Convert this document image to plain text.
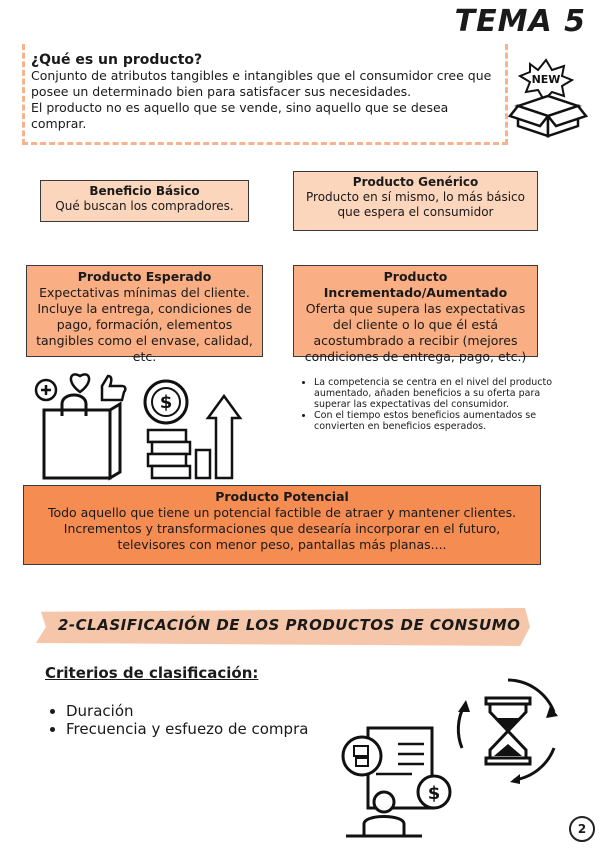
TEMA 5
¿Qué es un producto?
Conjunto de atributos tangibles e intangibles que el consumidor cree que
posee un determinado bien para satisfacer sus necesidades.
El producto no es aquello que se vende, sino aquello que se desea comprar.
NEW
Beneficio Básico
Qué buscan los compradores.
Producto Genérico
Producto en sí mismo, lo más básico que espera el consumidor
Producto Esperado
Expectativas mínimas del cliente. Incluye la entrega, condiciones de pago, formación, elementos tangibles como el envase, calidad, etc.
Producto Incrementado/Aumentado
Oferta que supera las expectativas del cliente o lo que él está acostumbrado a recibir (mejores condiciones de entrega, pago, etc.)
$
• La competencia se centra en el nivel del producto aumentado, añaden beneficios a su oferta para superar las expectativas del consumidor.
• Con el tiempo estos beneficios aumentados se convierten en beneficios esperados.
Producto Potencial
Todo aquello que tiene un potencial factible de atraer y mantener clientes. Incrementos y transformaciones que desearía incorporar en el futuro, televisores con menor peso, pantallas más planas....
2-CLASIFICACIÓN DE LOS PRODUCTOS DE CONSUMO
Criterios de clasificación:
• Duración
• Frecuencia y esfuezo de compra
$
2
